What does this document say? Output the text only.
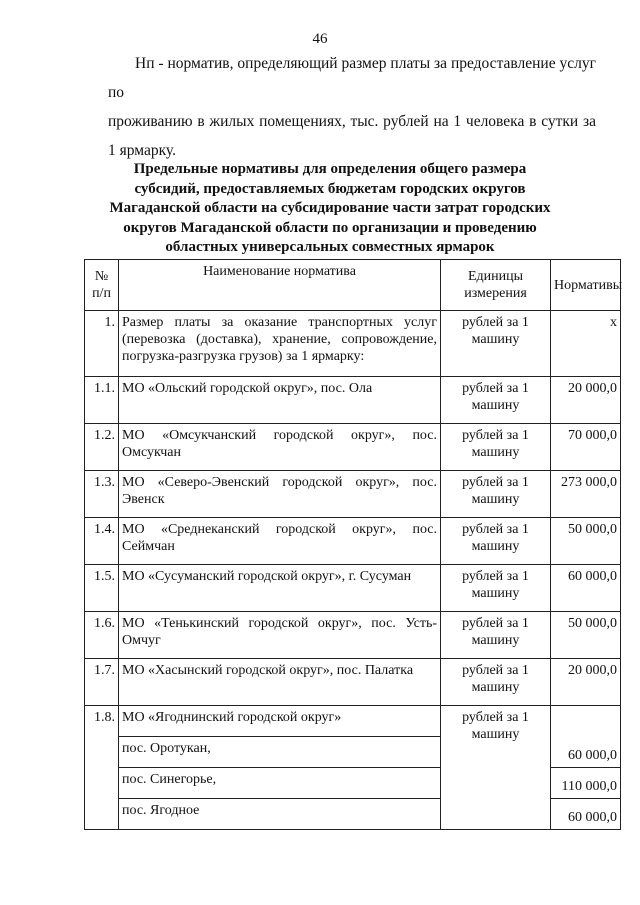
46
Нп - норматив, определяющий размер платы за предоставление услуг по
проживанию в жилых помещениях, тыс. рублей на 1 человека в сутки за 1 ярмарку.
Предельные нормативы для определения общего размера субсидий, предоставляемых бюджетам городских округов Магаданской области на субсидирование части затрат городских округов Магаданской области по организации и проведению областных универсальных совместных ярмарок
№ п/п	Наименование норматива	Единицы измерения	Нормативы
1.	Размер платы за оказание транспортных услуг (перевозка (доставка), хранение, сопровождение, погрузка-разгрузка грузов) за 1 ярмарку:	рублей за 1 машину	х
1.1.	МО «Ольский городской округ», пос. Ола	рублей за 1 машину	20 000,0
1.2.	МО «Омсукчанский городской округ», пос. Омсукчан	рублей за 1 машину	70 000,0
1.3.	МО «Северо-Эвенский городской округ», пос. Эвенск	рублей за 1 машину	273 000,0
1.4.	МО «Среднеканский городской округ», пос. Сеймчан	рублей за 1 машину	50 000,0
1.5.	МО «Сусуманский городской округ», г. Сусуман	рублей за 1 машину	60 000,0
1.6.	МО «Тенькинский городской округ», пос. Усть-Омчуг	рублей за 1 машину	50 000,0
1.7.	МО «Хасынский городской округ», пос. Палатка	рублей за 1 машину	20 000,0
1.8.	МО «Ягоднинский городской округ»	рублей за 1 машину	
	пос. Оротукан,		60 000,0
	пос. Синегорье,		110 000,0
	пос. Ягодное		60 000,0
